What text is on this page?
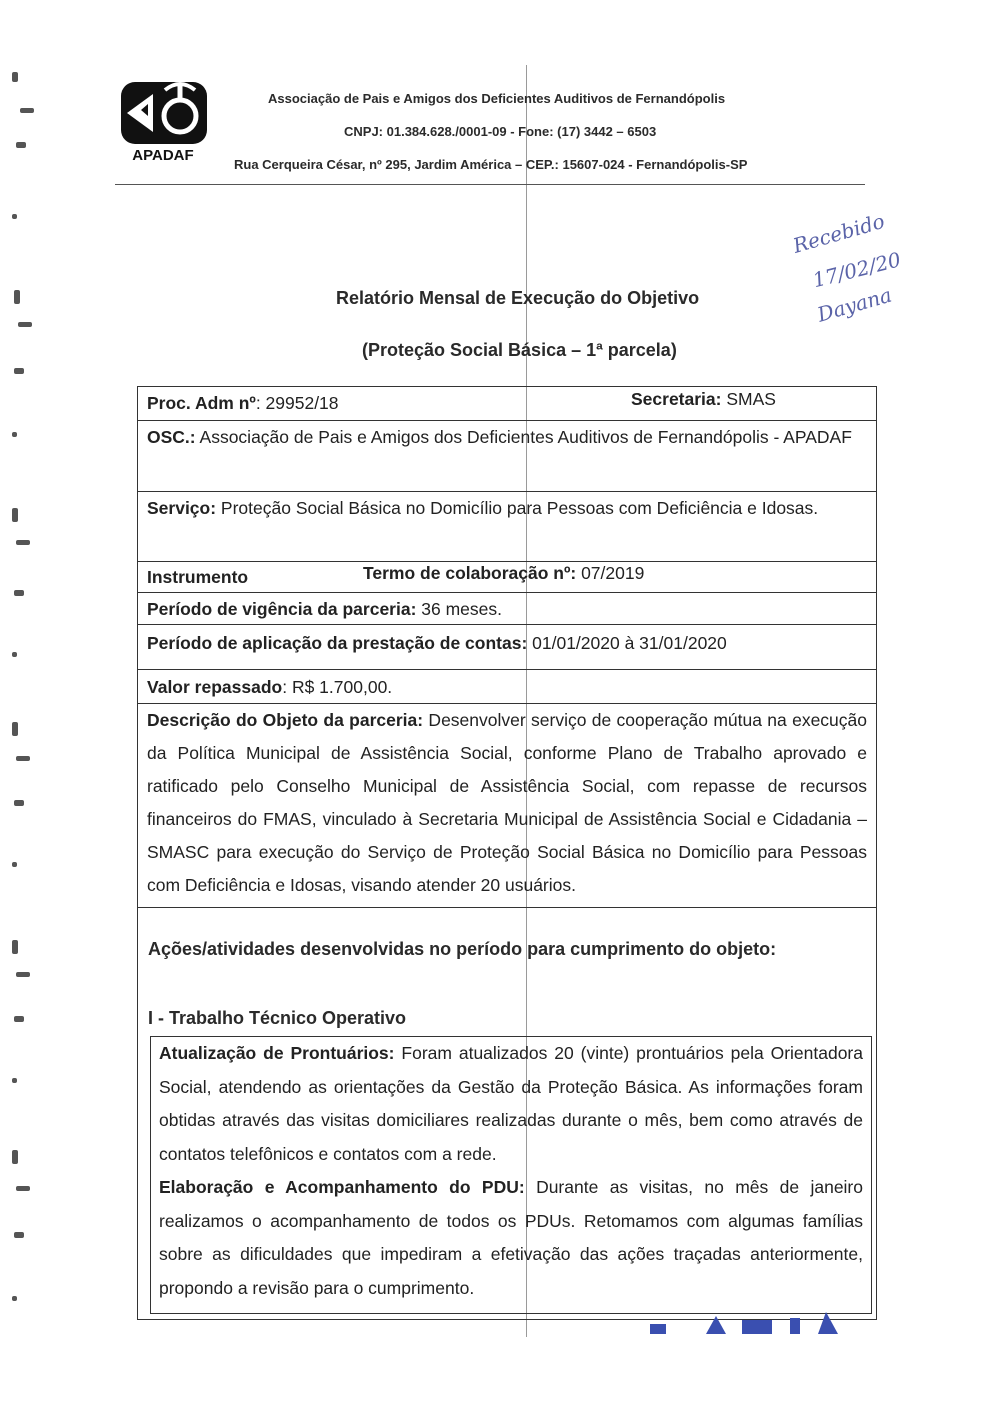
APADAF
Associação de Pais e Amigos dos Deficientes Auditivos de Fernandópolis
CNPJ: 01.384.628./0001-09 - Fone: (17) 3442 – 6503
Rua Cerqueira César, nº 295, Jardim América – CEP.: 15607-024 - Fernandópolis-SP
Recebido
17/02/20
Dayana
Relatório Mensal de Execução do Objetivo
(Proteção Social Básica – 1ª parcela)
Proc. Adm nº: 29952/18	Secretaria: SMAS
OSC.: Associação de Pais e Amigos dos Deficientes Auditivos de Fernandópolis - APADAF
Serviço: Proteção Social Básica no Domicílio para Pessoas com Deficiência e Idosas.
Instrumento	Termo de colaboração nº: 07/2019
Período de vigência da parceria: 36 meses.
Período de aplicação da prestação de contas: 01/01/2020 à 31/01/2020
Valor repassado: R$ 1.700,00.
Descrição do Objeto da parceria: Desenvolver serviço de cooperação mútua na execução da Política Municipal de Assistência Social, conforme Plano de Trabalho aprovado e ratificado pelo Conselho Municipal de Assistência Social, com repasse de recursos financeiros do FMAS, vinculado à Secretaria Municipal de Assistência Social e Cidadania – SMASC para execução do Serviço de Proteção Social Básica no Domicílio para Pessoas com Deficiência e Idosas, visando atender 20 usuários.
Ações/atividades desenvolvidas no período para cumprimento do objeto:
I - Trabalho Técnico Operativo
Atualização de Prontuários: Foram atualizados 20 (vinte) prontuários pela Orientadora Social, atendendo as orientações da Gestão da Proteção Básica. As informações foram obtidas através das visitas domiciliares realizadas durante o mês, bem como através de contatos telefônicos e contatos com a rede.
Elaboração e Acompanhamento do PDU: Durante as visitas, no mês de janeiro realizamos o acompanhamento de todos os PDUs. Retomamos com algumas famílias sobre as dificuldades que impediram a efetivação das ações traçadas anteriormente, propondo a revisão para o cumprimento.
